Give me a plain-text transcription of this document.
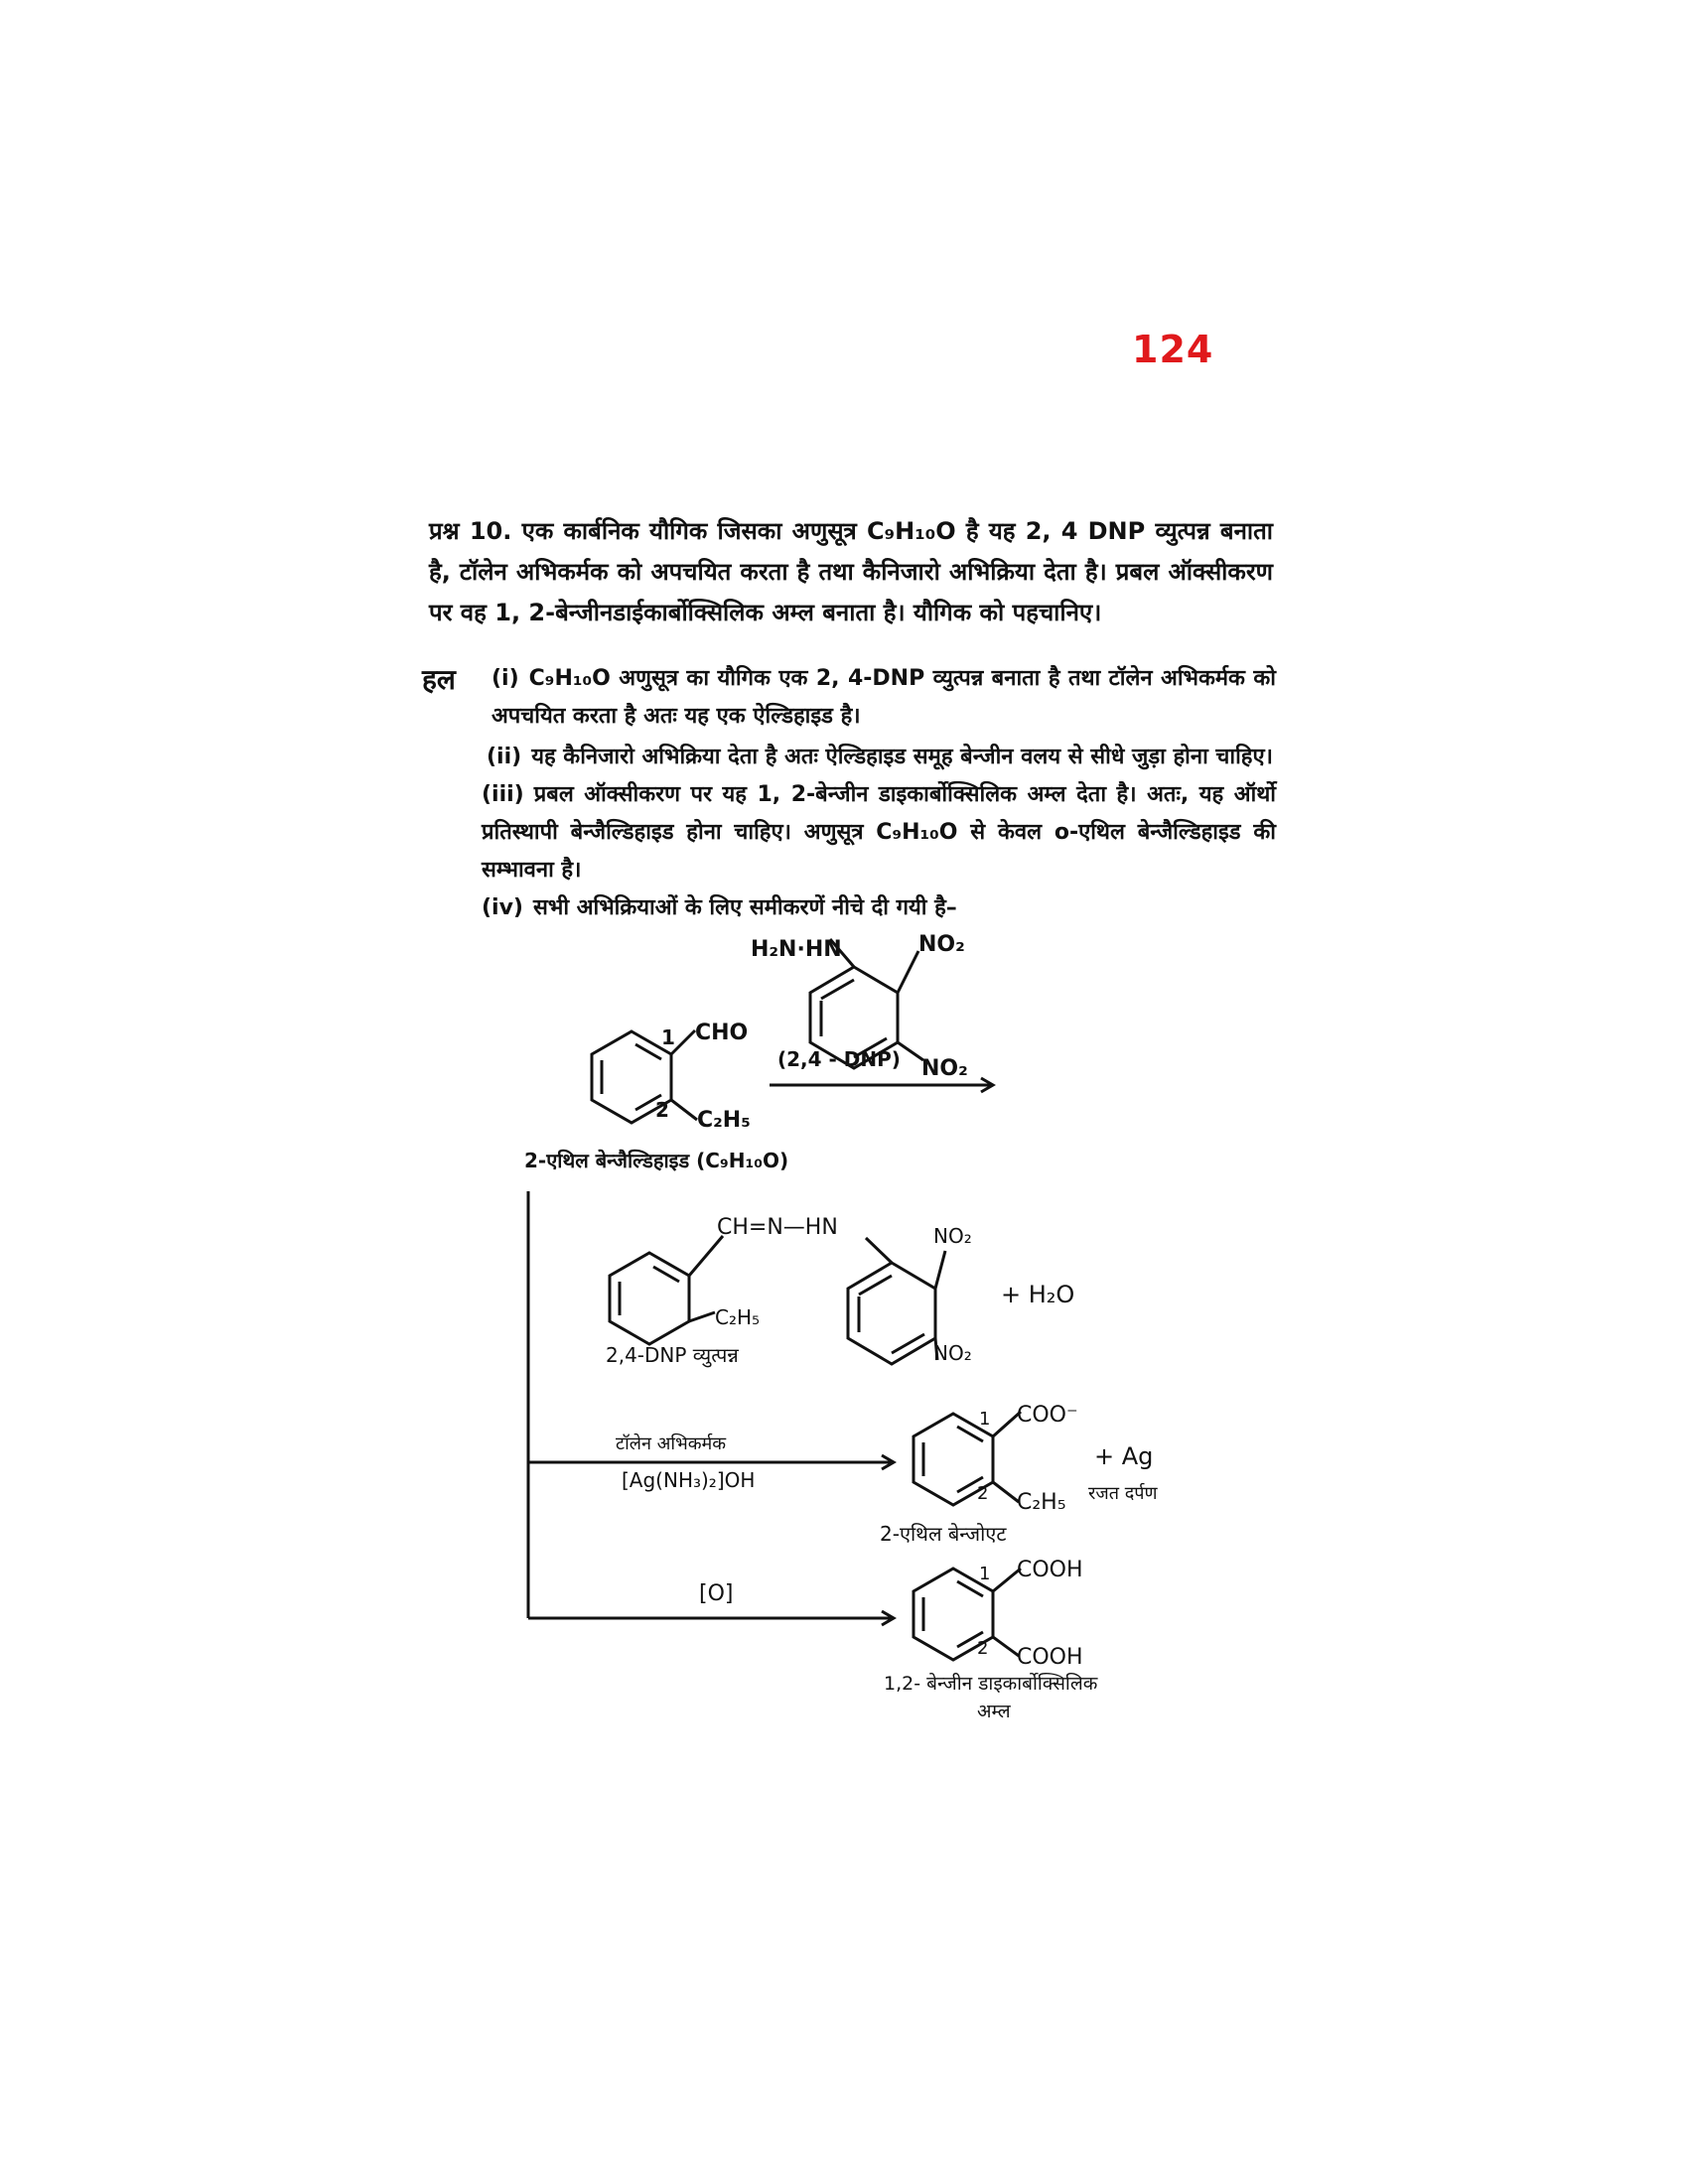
124
प्रश्न 10. एक कार्बनिक यौगिक जिसका अणुसूत्र C₉H₁₀O है यह 2, 4 DNP व्युत्पन्न बनाता है, टॉलेन अभिकर्मक को अपचयित करता है तथा कैनिजारो अभिक्रिया देता है। प्रबल ऑक्सीकरण पर वह 1, 2-बेन्जीनडाईकार्बोक्सिलिक अम्ल बनाता है। यौगिक को पहचानिए।
हल (i) C₉H₁₀O अणुसूत्र का यौगिक एक 2, 4-DNP व्युत्पन्न बनाता है तथा टॉलेन अभिकर्मक को अपचयित करता है अतः यह एक ऐल्डिहाइड है।
(ii) यह कैनिजारो अभिक्रिया देता है अतः ऐल्डिहाइड समूह बेन्जीन वलय से सीधे जुड़ा होना चाहिए।
(iii) प्रबल ऑक्सीकरण पर यह 1, 2-बेन्जीन डाइकार्बोक्सिलिक अम्ल देता है। अतः, यह ऑर्थो प्रतिस्थापी बेन्जैल्डिहाइड होना चाहिए। अणुसूत्र C₉H₁₀O से केवल o-एथिल बेन्जैल्डिहाइड की सम्भावना है।
(iv) सभी अभिक्रियाओं के लिए समीकरणें नीचे दी गयी है–
H₂N·HN	NO₂
NO₂
(2,4 - DNP)
1 CHO
2 C₂H₅
2-एथिल बेन्जैल्डिहाइड (C₉H₁₀O)
CH=N—HN	NO₂
NO₂
C₂H₅
+ H₂O
2,4-DNP व्युत्पन्न
टॉलेन अभिकर्मक
[Ag(NH₃)₂]OH
1 COO⁻
+ Ag
रजत दर्पण
2 C₂H₅
2-एथिल बेन्जोएट
[O]
1 COOH
2 COOH
1,2- बेन्जीन डाइकार्बोक्सिलिक
अम्ल
